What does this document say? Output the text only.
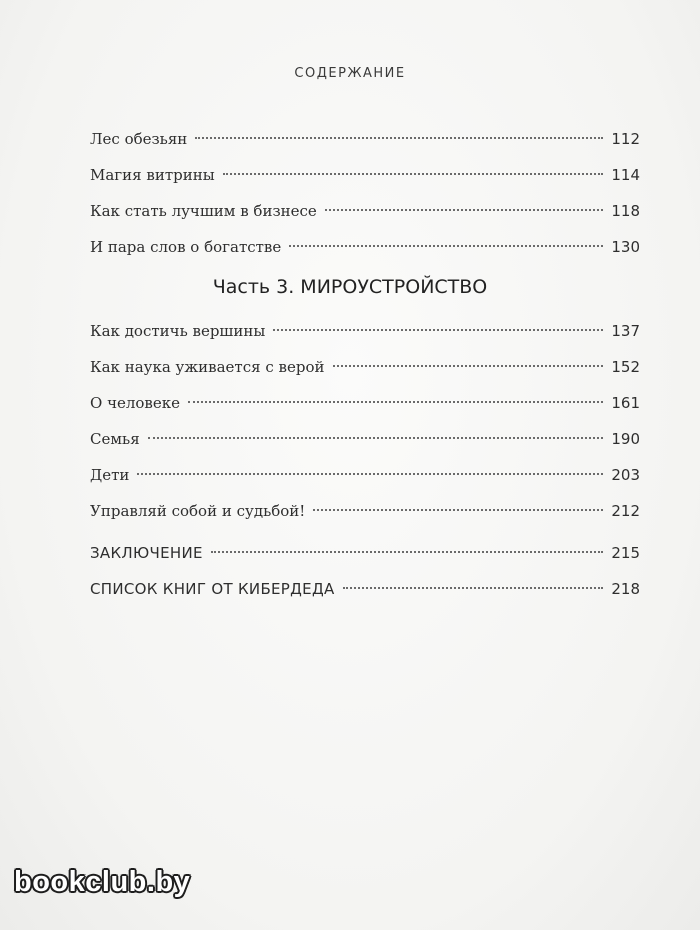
СОДЕРЖАНИЕ
Лес обезьян	112
Магия витрины	114
Как стать лучшим в бизнесе	118
И пара слов о богатстве	130
Часть 3. МИРОУСТРОЙСТВО
Как достичь вершины	137
Как наука уживается с верой	152
О человеке	161
Семья	190
Дети	203
Управляй собой и судьбой!	212
ЗАКЛЮЧЕНИЕ	215
СПИСОК КНИГ ОТ КИБЕРДЕДА	218
bookclub.by
